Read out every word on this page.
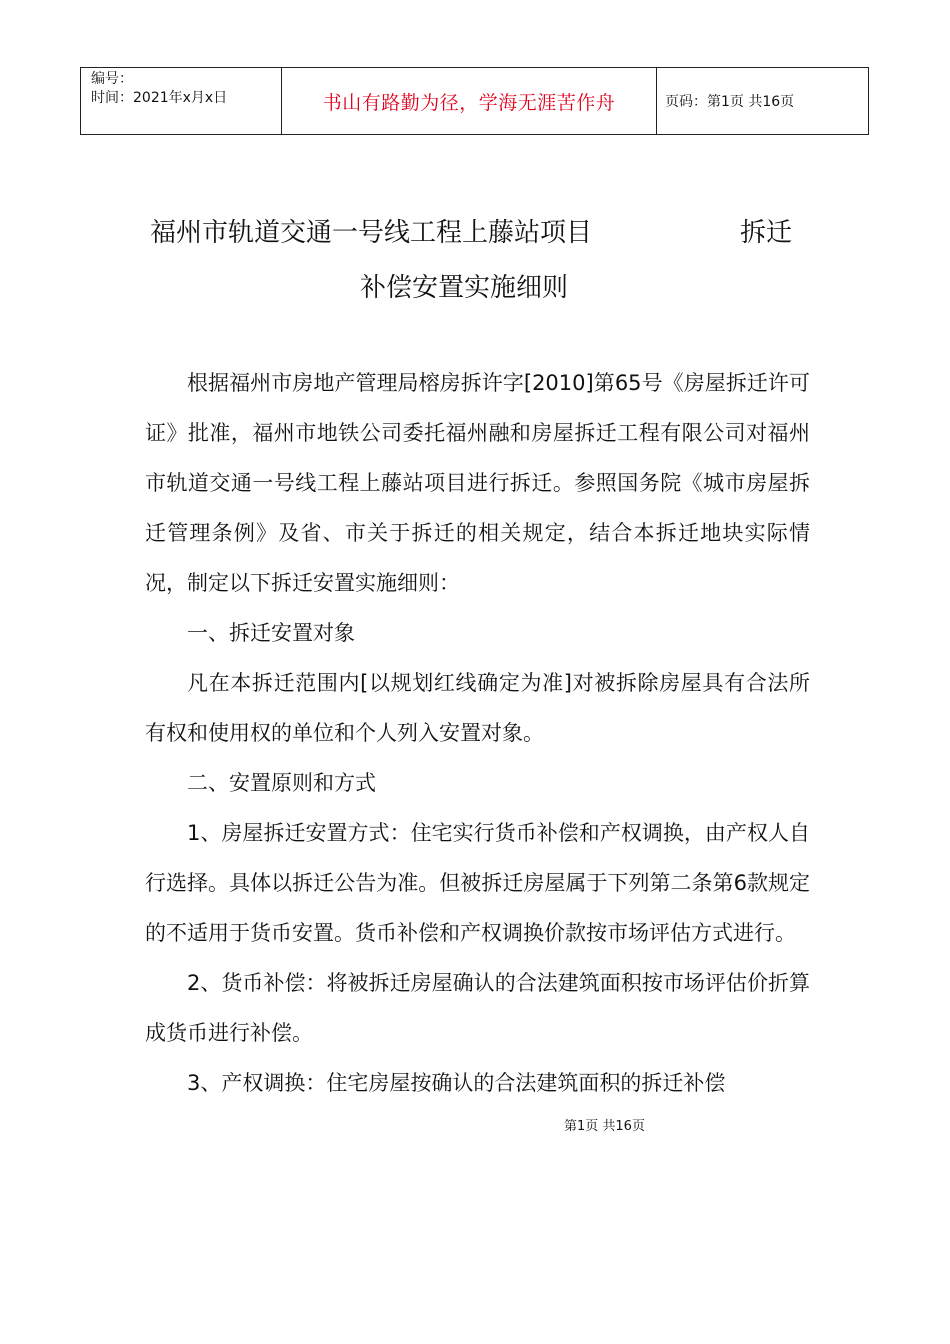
编号：
时间：2021年x月x日	书山有路勤为径，学海无涯苦作舟	页码：第1页 共16页
福州市轨道交通一号线工程上藤站项目	拆迁
补偿安置实施细则

根据福州市房地产管理局榕房拆许字[2010]第65号《房屋拆迁许可证》批准，福州市地铁公司委托福州融和房屋拆迁工程有限公司对福州市轨道交通一号线工程上藤站项目进行拆迁。参照国务院《城市房屋拆迁管理条例》及省、市关于拆迁的相关规定，结合本拆迁地块实际情况，制定以下拆迁安置实施细则：

一、拆迁安置对象

凡在本拆迁范围内[以规划红线确定为准]对被拆除房屋具有合法所有权和使用权的单位和个人列入安置对象。

二、安置原则和方式

1、房屋拆迁安置方式：住宅实行货币补偿和产权调换，由产权人自行选择。具体以拆迁公告为准。但被拆迁房屋属于下列第二条第6款规定的不适用于货币安置。货币补偿和产权调换价款按市场评估方式进行。

2、货币补偿：将被拆迁房屋确认的合法建筑面积按市场评估价折算成货币进行补偿。

3、产权调换：住宅房屋按确认的合法建筑面积的拆迁补偿

第1页 共16页
